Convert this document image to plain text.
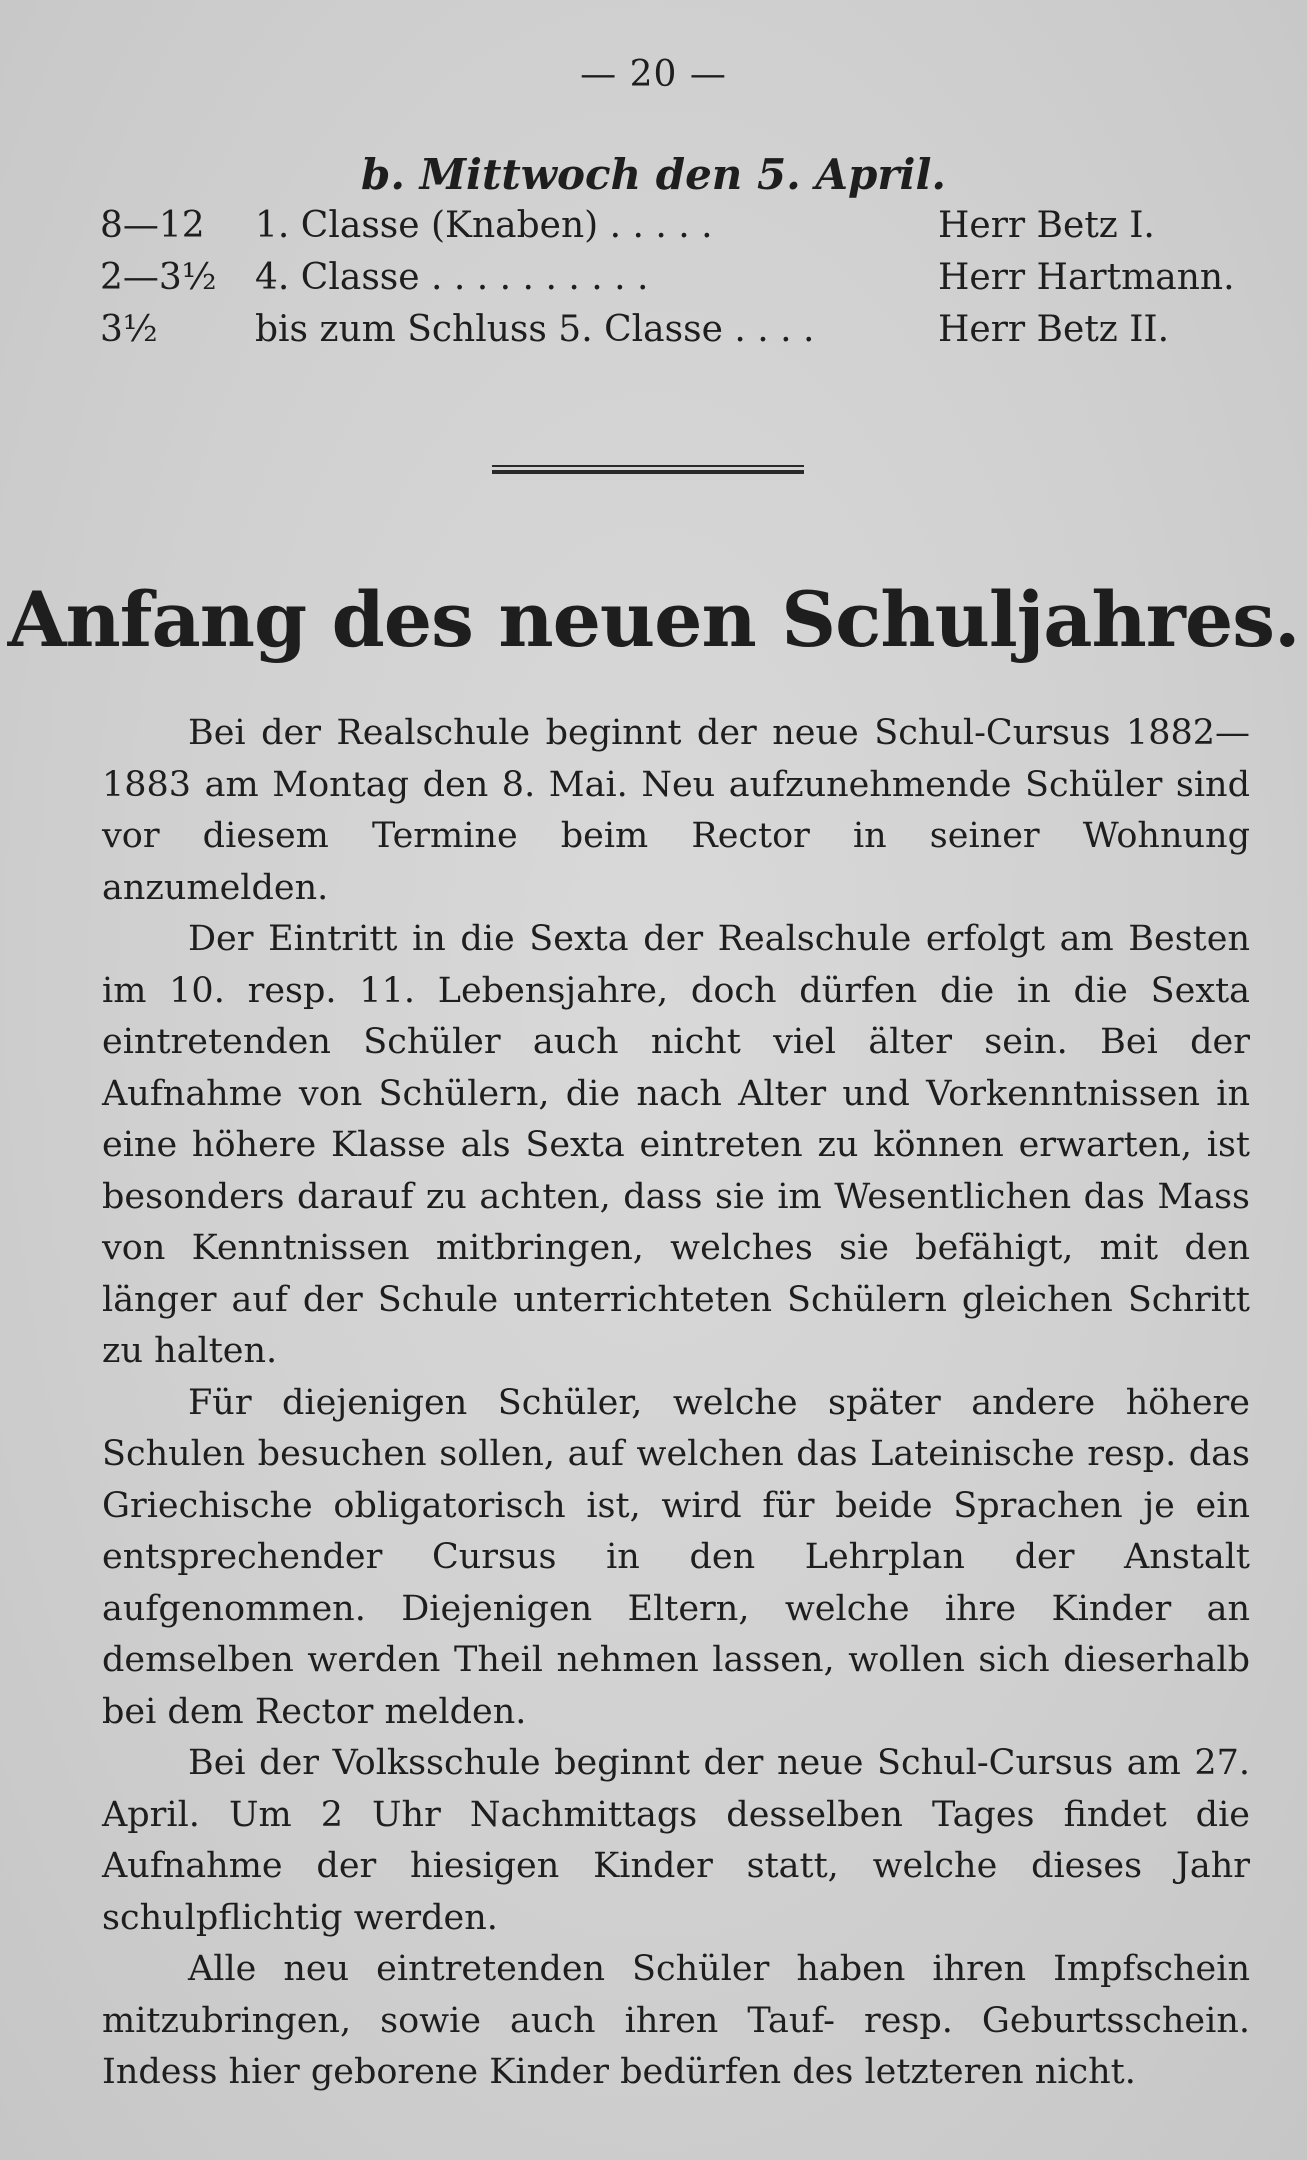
— 20 —
b. Mittwoch den 5. April.
8—12 1. Classe (Knaben) . . . . .	Herr Betz I.
2—3½ 4. Classe . . . . . . . . . .	Herr Hartmann.
3½	bis zum Schluss 5. Classe . . . .	Herr Betz II.
Anfang des neuen Schuljahres.

Bei der Realschule beginnt der neue Schul-Cursus 1882—1883 am Montag den 8. Mai. Neu aufzunehmende Schüler sind vor diesem Termine beim Rector in seiner Wohnung anzumelden.

Der Eintritt in die Sexta der Realschule erfolgt am Besten im 10. resp. 11. Lebensjahre, doch dürfen die in die Sexta eintretenden Schüler auch nicht viel älter sein. Bei der Aufnahme von Schülern, die nach Alter und Vorkenntnissen in eine höhere Klasse als Sexta eintreten zu können erwarten, ist besonders darauf zu achten, dass sie im Wesentlichen das Mass von Kenntnissen mitbringen, welches sie befähigt, mit den länger auf der Schule unterrichteten Schülern gleichen Schritt zu halten.

Für diejenigen Schüler, welche später andere höhere Schulen besuchen sollen, auf welchen das Lateinische resp. das Griechische obligatorisch ist, wird für beide Sprachen je ein entsprechender Cursus in den Lehrplan der Anstalt aufgenommen. Diejenigen Eltern, welche ihre Kinder an demselben werden Theil nehmen lassen, wollen sich dieserhalb bei dem Rector melden.

Bei der Volksschule beginnt der neue Schul-Cursus am 27. April. Um 2 Uhr Nachmittags desselben Tages findet die Aufnahme der hiesigen Kinder statt, welche dieses Jahr schulpflichtig werden.

Alle neu eintretenden Schüler haben ihren Impfschein mitzubringen, sowie auch ihren Tauf- resp. Geburtsschein. Indess hier geborene Kinder bedürfen des letzteren nicht.
